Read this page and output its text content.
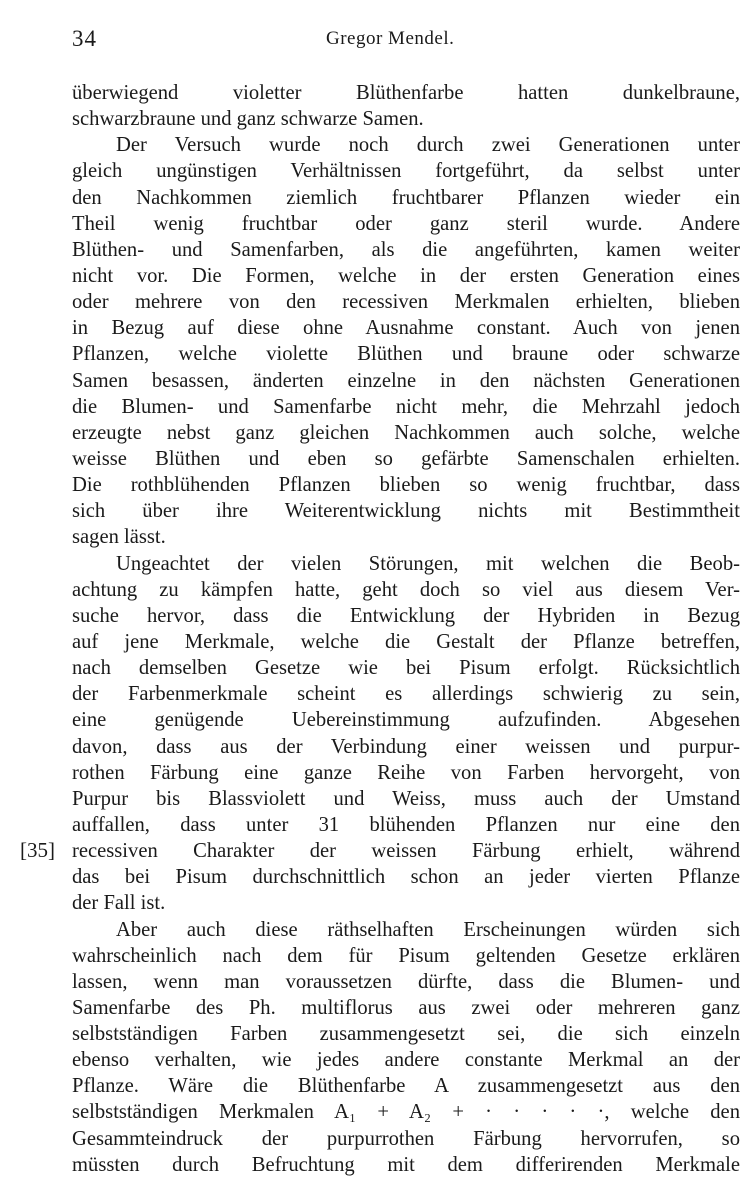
34	Gregor Mendel.
[35]
überwiegend violetter Blüthenfarbe hatten dunkelbraune,
schwarzbraune und ganz schwarze Samen.
Der Versuch wurde noch durch zwei Generationen unter
gleich ungünstigen Verhältnissen fortgeführt, da selbst unter
den Nachkommen ziemlich fruchtbarer Pflanzen wieder ein
Theil wenig fruchtbar oder ganz steril wurde. Andere
Blüthen- und Samenfarben, als die angeführten, kamen weiter
nicht vor. Die Formen, welche in der ersten Generation eines
oder mehrere von den recessiven Merkmalen erhielten, blieben
in Bezug auf diese ohne Ausnahme constant. Auch von jenen
Pflanzen, welche violette Blüthen und braune oder schwarze
Samen besassen, änderten einzelne in den nächsten Generationen
die Blumen- und Samenfarbe nicht mehr, die Mehrzahl jedoch
erzeugte nebst ganz gleichen Nachkommen auch solche, welche
weisse Blüthen und eben so gefärbte Samenschalen erhielten.
Die rothblühenden Pflanzen blieben so wenig fruchtbar, dass
sich über ihre Weiterentwicklung nichts mit Bestimmtheit
sagen lässt.
Ungeachtet der vielen Störungen, mit welchen die Beob-
achtung zu kämpfen hatte, geht doch so viel aus diesem Ver-
suche hervor, dass die Entwicklung der Hybriden in Bezug
auf jene Merkmale, welche die Gestalt der Pflanze betreffen,
nach demselben Gesetze wie bei Pisum erfolgt. Rücksichtlich
der Farbenmerkmale scheint es allerdings schwierig zu sein,
eine genügende Uebereinstimmung aufzufinden. Abgesehen
davon, dass aus der Verbindung einer weissen und purpur-
rothen Färbung eine ganze Reihe von Farben hervorgeht, von
Purpur bis Blassviolett und Weiss, muss auch der Umstand
auffallen, dass unter 31 blühenden Pflanzen nur eine den
recessiven Charakter der weissen Färbung erhielt, während
das bei Pisum durchschnittlich schon an jeder vierten Pflanze
der Fall ist.
Aber auch diese räthselhaften Erscheinungen würden sich
wahrscheinlich nach dem für Pisum geltenden Gesetze erklären
lassen, wenn man voraussetzen dürfte, dass die Blumen- und
Samenfarbe des Ph. multiflorus aus zwei oder mehreren ganz
selbstständigen Farben zusammengesetzt sei, die sich einzeln
ebenso verhalten, wie jedes andere constante Merkmal an der
Pflanze. Wäre die Blüthenfarbe A zusammengesetzt aus den
selbstständigen Merkmalen A₁ + A₂ + · · · · ·, welche den
Gesammteindruck der purpurrothen Färbung hervorrufen, so
müssten durch Befruchtung mit dem differirenden Merkmale
